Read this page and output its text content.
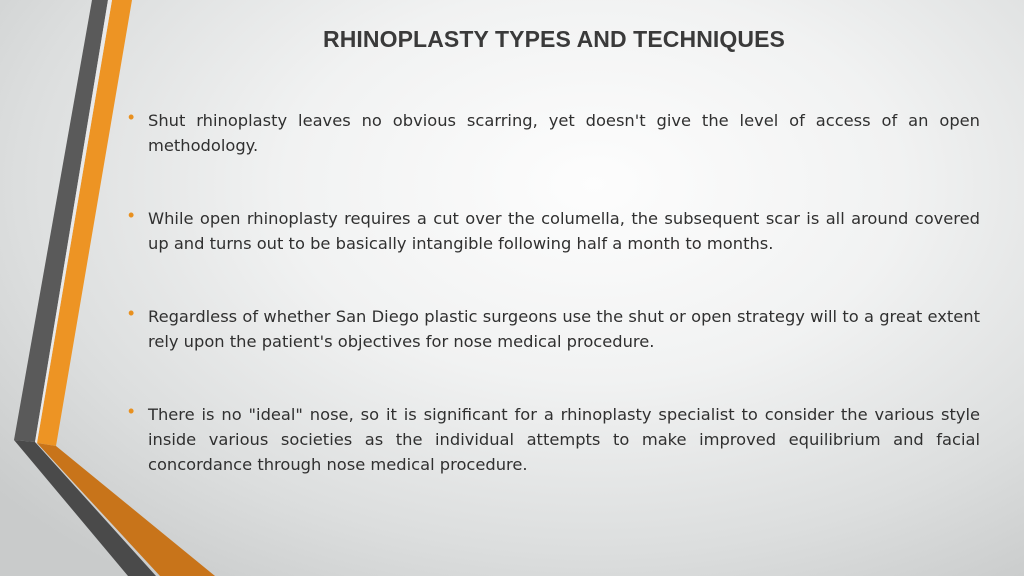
RHINOPLASTY TYPES AND TECHNIQUES
• Shut rhinoplasty leaves no obvious scarring, yet doesn't give the level of access of an open methodology.
• While open rhinoplasty requires a cut over the columella, the subsequent scar is all around covered up and turns out to be basically intangible following half a month to months.
• Regardless of whether San Diego plastic surgeons use the shut or open strategy will to a great extent rely upon the patient's objectives for nose medical procedure.
• There is no "ideal" nose, so it is significant for a rhinoplasty specialist to consider the various style inside various societies as the individual attempts to make improved equilibrium and facial concordance through nose medical procedure.
